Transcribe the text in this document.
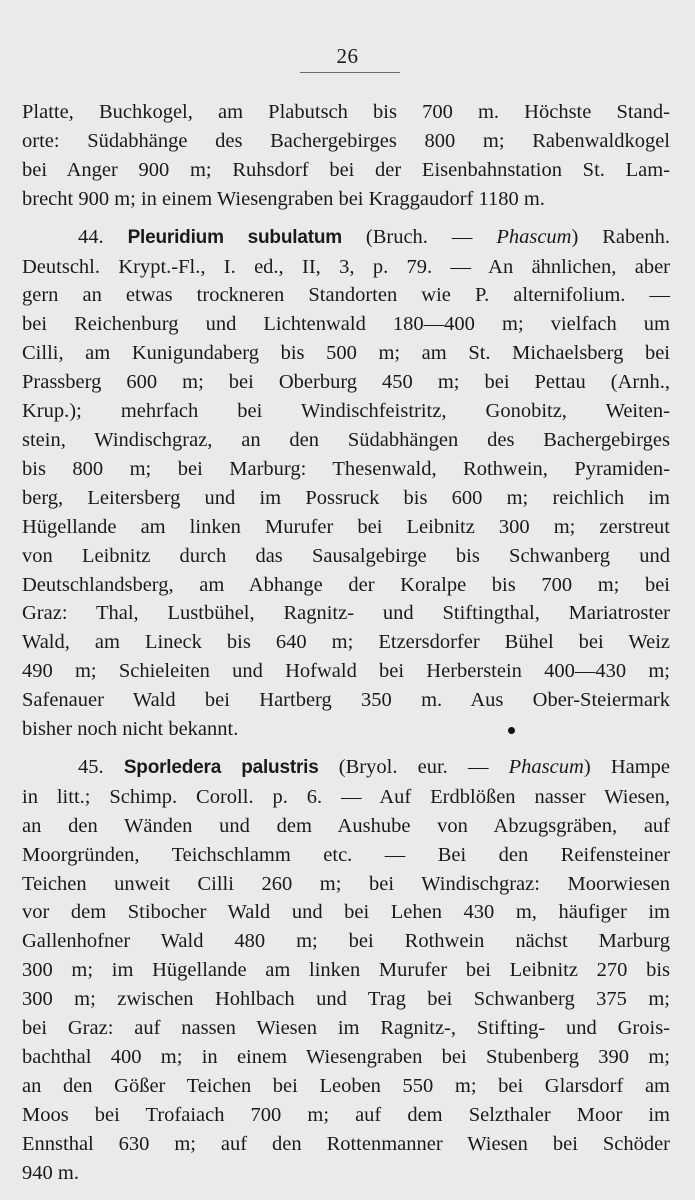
26

Platte, Buchkogel, am Plabutsch bis 700 m. Höchste Stand-
orte: Südabhänge des Bachergebirges 800 m; Rabenwaldkogel
bei Anger 900 m; Ruhsdorf bei der Eisenbahnstation St. Lam-
brecht 900 m; in einem Wiesengraben bei Kraggaudorf 1180 m.

44. Pleuridium subulatum (Bruch. — Phascum) Rabenh.
Deutschl. Krypt.-Fl., I. ed., II, 3, p. 79. — An ähnlichen, aber
gern an etwas trockneren Standorten wie P. alternifolium. —
bei Reichenburg und Lichtenwald 180—400 m; vielfach um
Cilli, am Kunigundaberg bis 500 m; am St. Michaelsberg bei
Prassberg 600 m; bei Oberburg 450 m; bei Pettau (Arnh.,
Krup.); mehrfach bei Windischfeistritz, Gonobitz, Weiten-
stein, Windischgraz, an den Südabhängen des Bachergebirges
bis 800 m; bei Marburg: Thesenwald, Rothwein, Pyramiden-
berg, Leitersberg und im Possruck bis 600 m; reichlich im
Hügellande am linken Murufer bei Leibnitz 300 m; zerstreut
von Leibnitz durch das Sausalgebirge bis Schwanberg und
Deutschlandsberg, am Abhange der Koralpe bis 700 m; bei
Graz: Thal, Lustbühel, Ragnitz- und Stiftingthal, Mariatroster
Wald, am Lineck bis 640 m; Etzersdorfer Bühel bei Weiz
490 m; Schieleiten und Hofwald bei Herberstein 400—430 m;
Safenauer Wald bei Hartberg 350 m. Aus Ober-Steiermark
bisher noch nicht bekannt.

45. Sporledera palustris (Bryol. eur. — Phascum) Hampe
in litt.; Schimp. Coroll. p. 6. — Auf Erdblößen nasser Wiesen,
an den Wänden und dem Aushube von Abzugsgräben, auf
Moorgründen, Teichschlamm etc. — Bei den Reifensteiner
Teichen unweit Cilli 260 m; bei Windischgraz: Moorwiesen
vor dem Stibocher Wald und bei Lehen 430 m, häufiger im
Gallenhofner Wald 480 m; bei Rothwein nächst Marburg
300 m; im Hügellande am linken Murufer bei Leibnitz 270 bis
300 m; zwischen Hohlbach und Trag bei Schwanberg 375 m;
bei Graz: auf nassen Wiesen im Ragnitz-, Stifting- und Grois-
bachthal 400 m; in einem Wiesengraben bei Stubenberg 390 m;
an den Gößer Teichen bei Leoben 550 m; bei Glarsdorf am
Moos bei Trofaiach 700 m; auf dem Selzthaler Moor im
Ennsthal 630 m; auf den Rottenmanner Wiesen bei Schöder
940 m.
